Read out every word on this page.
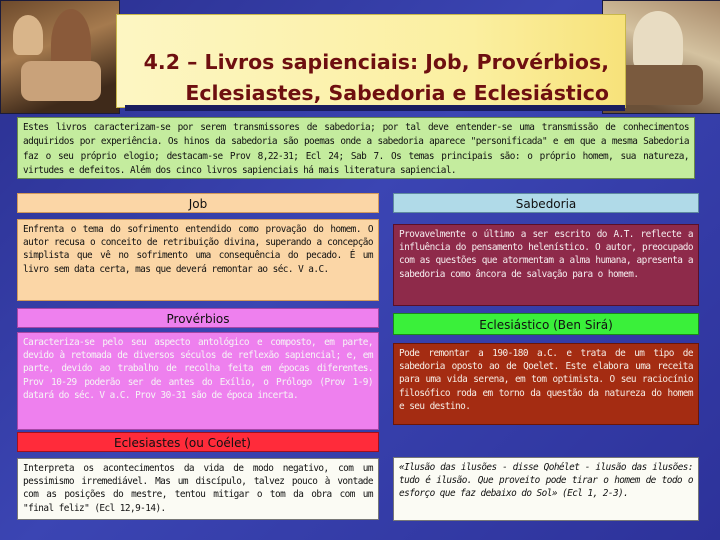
4.2 – Livros sapienciais: Job, Provérbios,
Eclesiastes, Sabedoria e Eclesiástico
Estes livros caracterizam-se por serem transmissores de sabedoria; por tal deve entender-se uma transmissão de conhecimentos adquiridos por experiência. Os hinos da sabedoria são poemas onde a sabedoria aparece "personificada" e em que a mesma Sabedoria faz o seu próprio elogio; destacam-se Prov 8,22-31; Ecl 24; Sab 7. Os temas principais são: o próprio homem, sua natureza, virtudes e defeitos. Além dos cinco livros sapienciais há mais literatura sapiencial.
Job
Enfrenta o tema do sofrimento entendido como provação do homem. O autor recusa o conceito de retribuição divina, superando a concepção simplista que vê no sofrimento uma consequência do pecado. É um livro sem data certa, mas que deverá remontar ao séc. V a.C.
Provérbios
Caracteriza-se pelo seu aspecto antológico e composto, em parte, devido à retomada de diversos séculos de reflexão sapiencial; e, em parte, devido ao trabalho de recolha feita em épocas diferentes. Prov 10-29 poderão ser de antes do Exílio, o Prólogo (Prov 1-9) datará do séc. V a.C. Prov 30-31 são de época incerta.
Eclesiastes (ou Coélet)
Interpreta os acontecimentos da vida de modo negativo, com um pessimismo irremediável. Mas um discípulo, talvez pouco à vontade com as posições do mestre, tentou mitigar o tom da obra com um "final feliz" (Ecl 12,9-14).
Sabedoria
Provavelmente o último a ser escrito do A.T. reflecte a influência do pensamento helenístico. O autor, preocupado com as questões que atormentam a alma humana, apresenta a sabedoria como âncora de salvação para o homem.
Eclesiástico (Ben Sirá)
Pode remontar a 190-180 a.C. e trata de um tipo de sabedoria oposto ao de Qoelet. Este elabora uma receita para uma vida serena, em tom optimista. O seu raciocínio filosófico roda em torno da questão da natureza do homem e seu destino.
«Ilusão das ilusões - disse Qohélet - ilusão das ilusões: tudo é ilusão. Que proveito pode tirar o homem de todo o esforço que faz debaixo do Sol» (Ecl 1, 2-3).
